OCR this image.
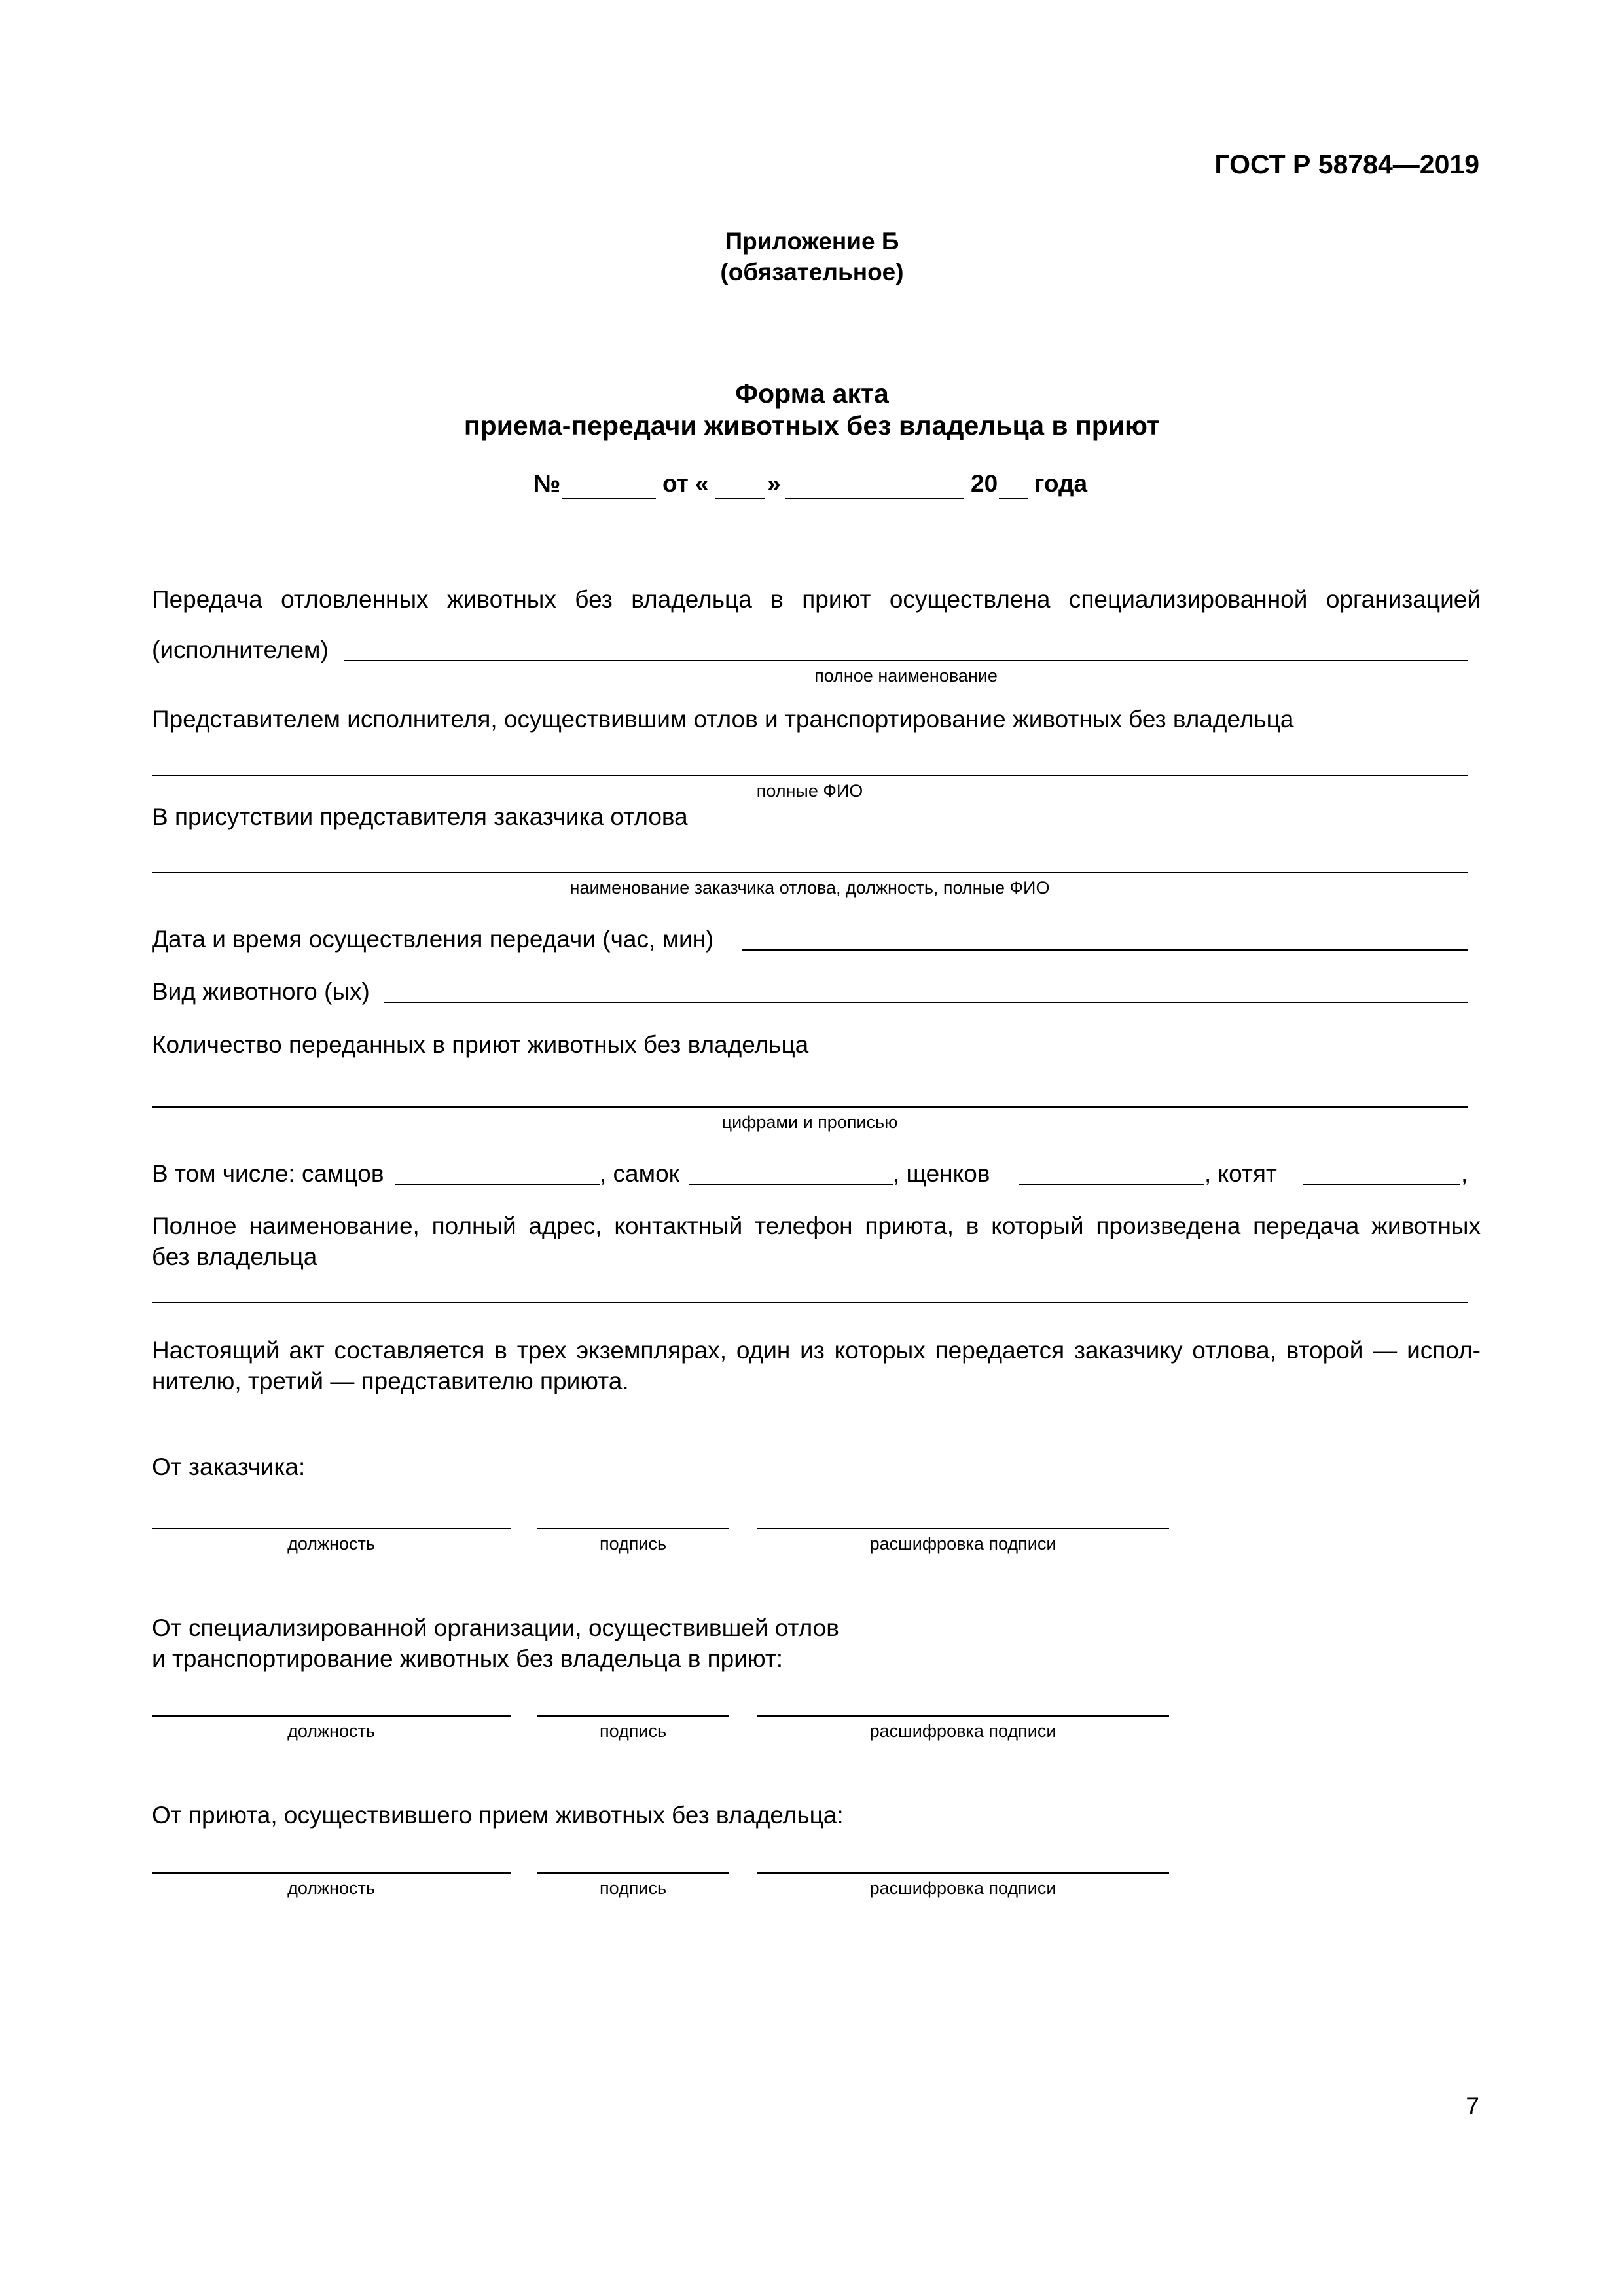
ГОСТ Р 58784—2019
Приложение Б
(обязательное)
Форма акта
приема-передачи животных без владельца в приют
№	от « »	20 года
Передача отловленных животных без владельца в приют осуществлена специализированной организацией
(исполнителем)
полное наименование
Представителем исполнителя, осуществившим отлов и транспортирование животных без владельца
полные ФИО
В присутствии представителя заказчика отлова
наименование заказчика отлова, должность, полные ФИО
Дата и время осуществления передачи (час, мин)
Вид животного (ых)
Количество переданных в приют животных без владельца
цифрами и прописью
В том числе: самцов	, самок	, щенков	, котят	,
Полное наименование, полный адрес, контактный телефон приюта, в который произведена передача животных
без владельца
Настоящий акт составляется в трех экземплярах, один из которых передается заказчику отлова, второй — испол-
нителю, третий — представителю приюта.
От заказчика:
должность	подпись	расшифровка подписи
От специализированной организации, осуществившей отлов
и транспортирование животных без владельца в приют:
должность	подпись	расшифровка подписи
От приюта, осуществившего прием животных без владельца:
должность	подпись	расшифровка подписи
7
